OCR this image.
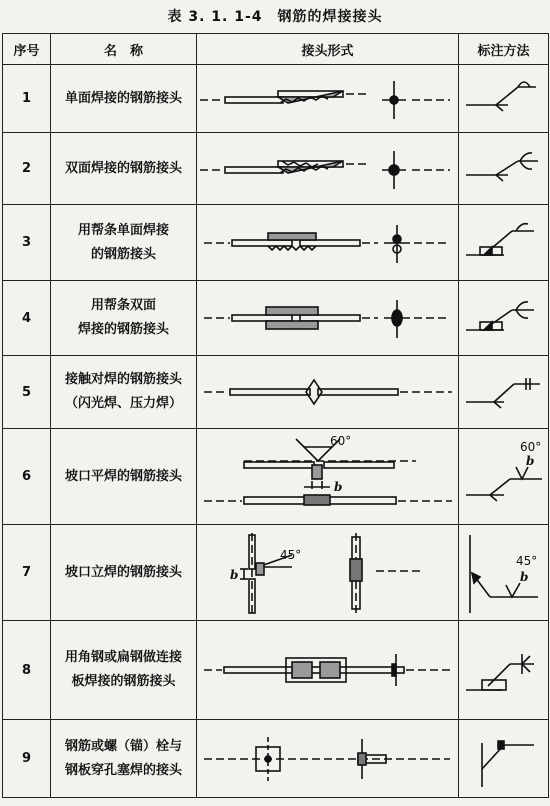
表 3. 1. 1-4　钢筋的焊接接头
序号	名　称	接头形式	标注方法
1	单面焊接的钢筋接头	

2	双面焊接的钢筋接头	

3	用帮条单面焊接
的钢筋接头

4	用帮条双面
焊接的钢筋接头

5	接触对焊的钢筋接头
（闪光焊、压力焊）

6	坡口平焊的钢筋接头	60°
b	60°
b

7	坡口立焊的钢筋接头	45°
b	45°
b

8	用角钢或扁钢做连接
板焊接的钢筋接头

9	钢筋或螺（锚）栓与
钢板穿孔塞焊的接头
